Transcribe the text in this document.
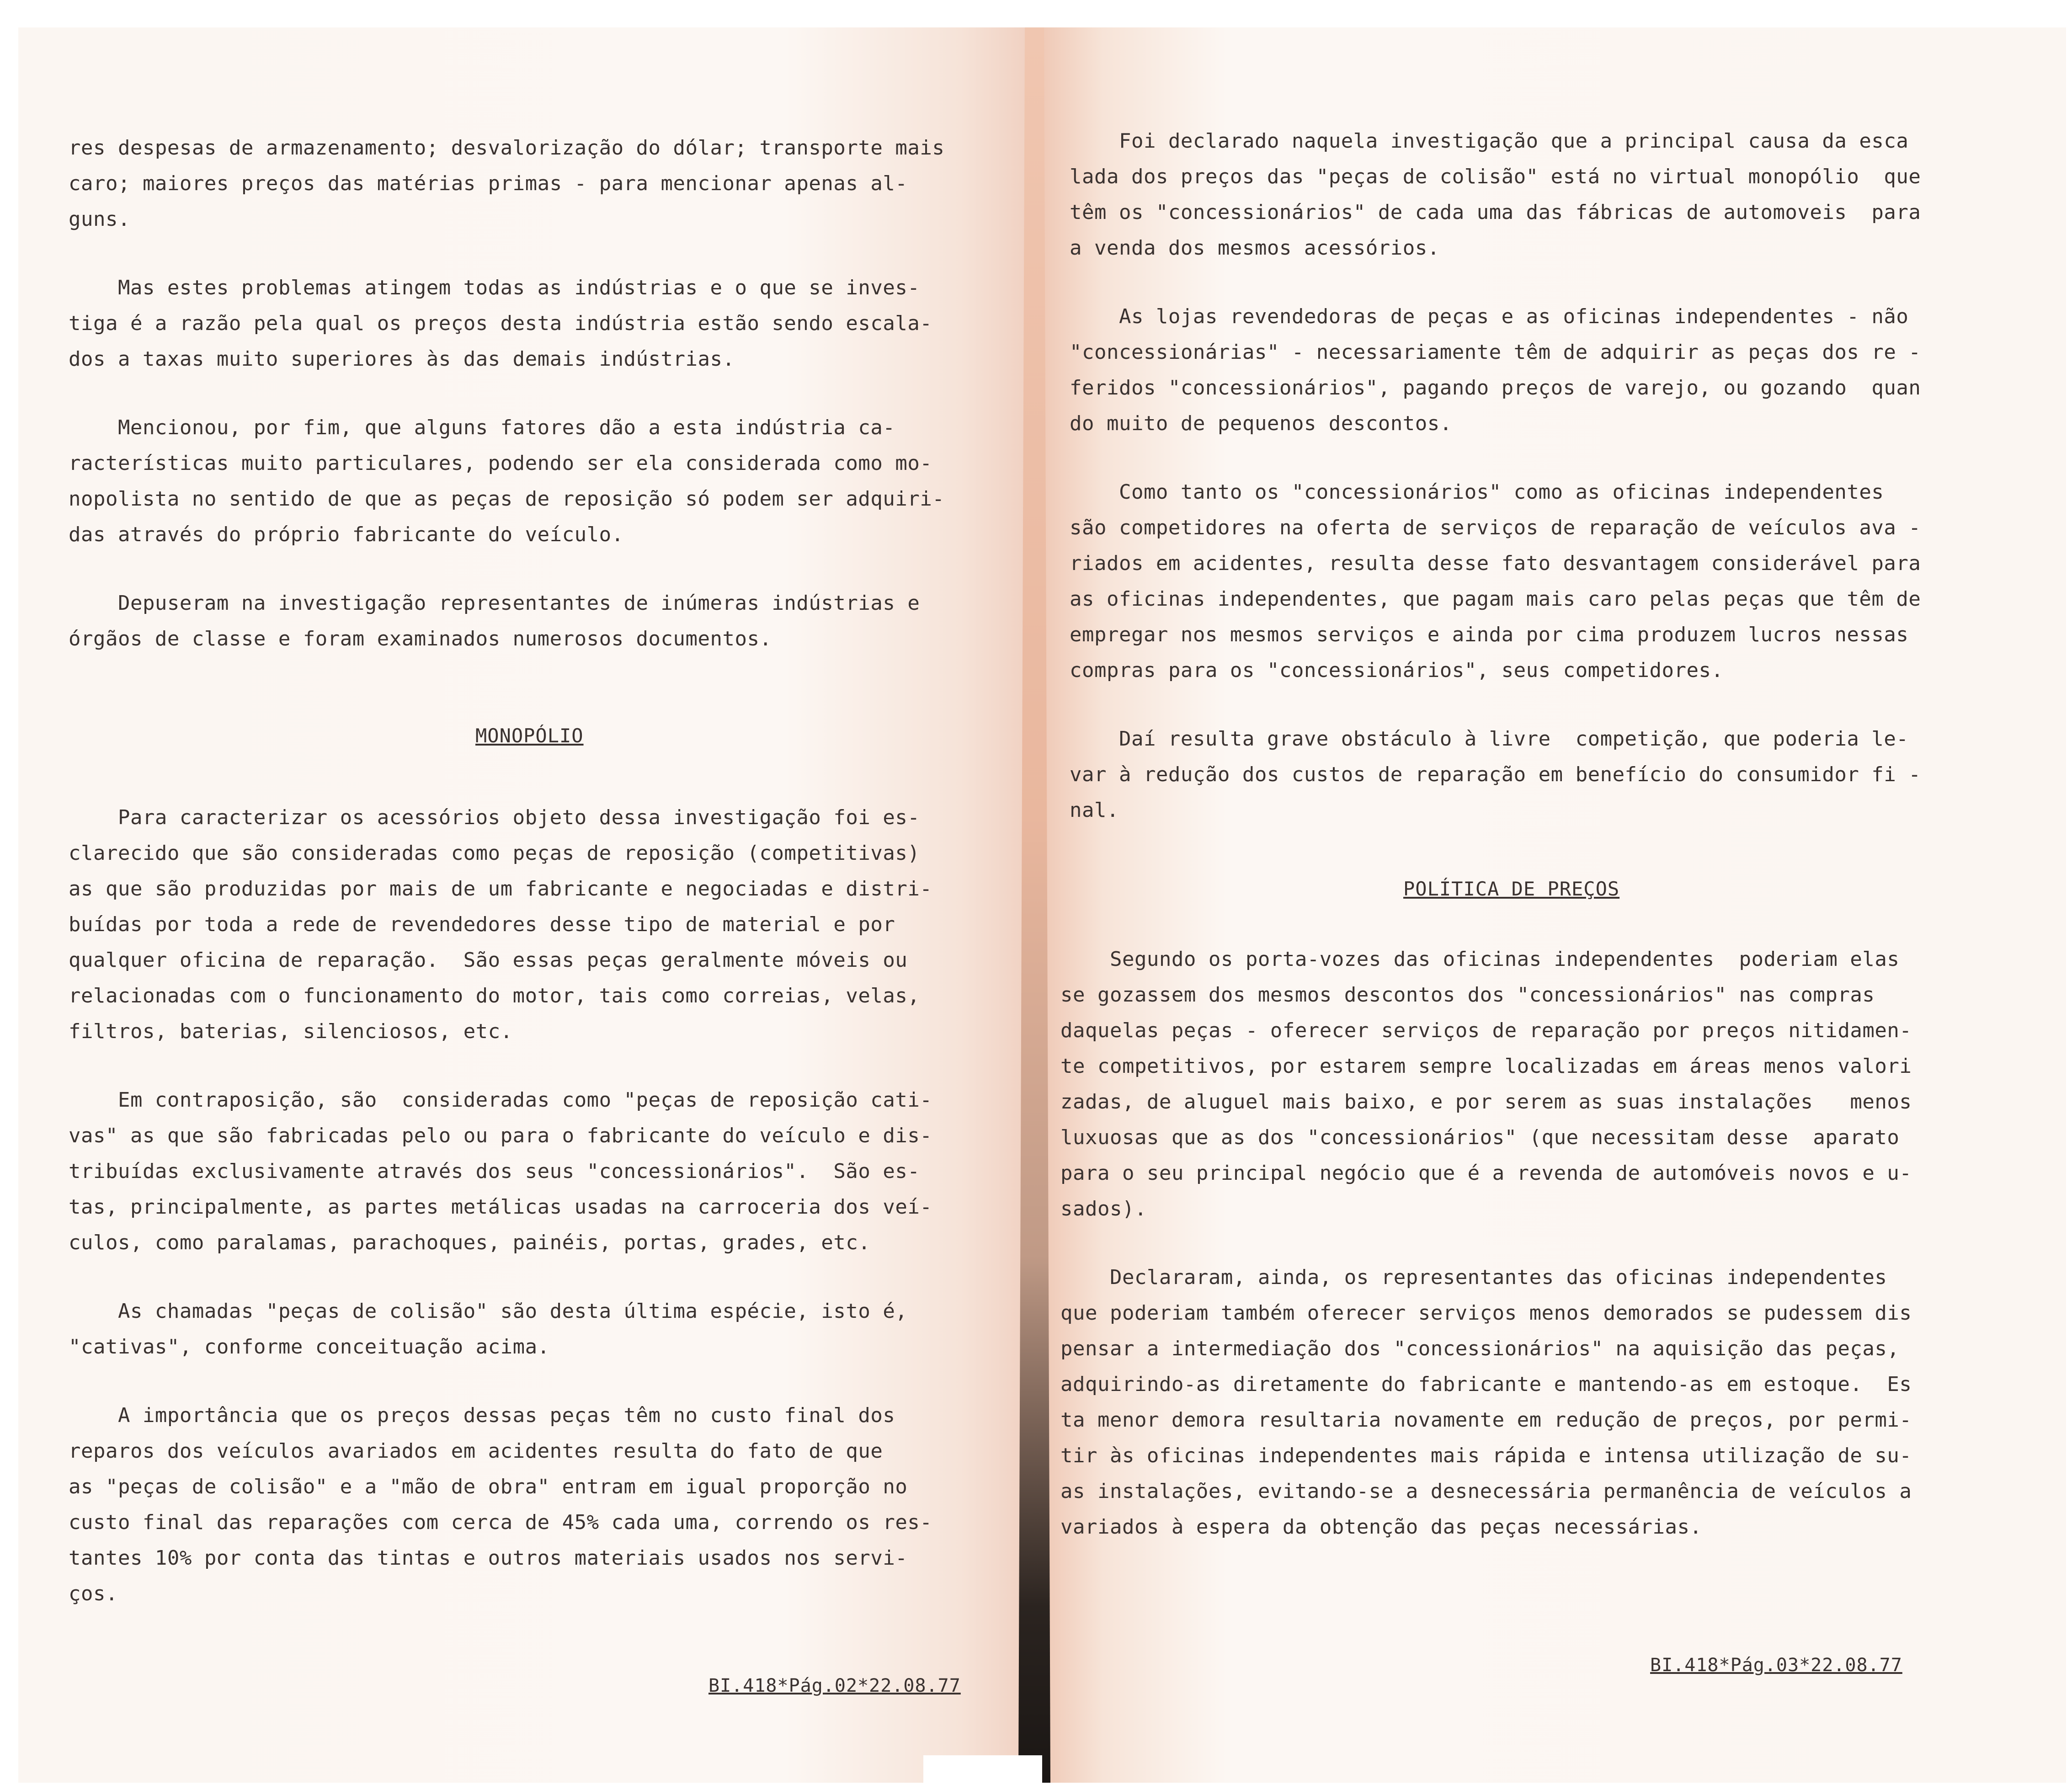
res despesas de armazenamento; desvalorização do dólar; transporte mais
caro; maiores preços das matérias primas - para mencionar apenas al-
guns.
Mas estes problemas atingem todas as indústrias e o que se inves-
tiga é a razão pela qual os preços desta indústria estão sendo escala-
dos a taxas muito superiores às das demais indústrias.
Mencionou, por fim, que alguns fatores dão a esta indústria ca-
racterísticas muito particulares, podendo ser ela considerada como mo-
nopolista no sentido de que as peças de reposição só podem ser adquiri-
das através do próprio fabricante do veículo.
Depuseram na investigação representantes de inúmeras indústrias e
órgãos de classe e foram examinados numerosos documentos.
MONOPÓLIO
Para caracterizar os acessórios objeto dessa investigação foi es-
clarecido que são consideradas como peças de reposição (competitivas)
as que são produzidas por mais de um fabricante e negociadas e distri-
buídas por toda a rede de revendedores desse tipo de material e por
qualquer oficina de reparação.  São essas peças geralmente móveis ou
relacionadas com o funcionamento do motor, tais como correias, velas,
filtros, baterias, silenciosos, etc.
Em contraposição, são  consideradas como "peças de reposição cati-
vas" as que são fabricadas pelo ou para o fabricante do veículo e dis-
tribuídas exclusivamente através dos seus "concessionários".  São es-
tas, principalmente, as partes metálicas usadas na carroceria dos veí-
culos, como paralamas, parachoques, painéis, portas, grades, etc.
As chamadas "peças de colisão" são desta última espécie, isto é,
"cativas", conforme conceituação acima.
A importância que os preços dessas peças têm no custo final dos
reparos dos veículos avariados em acidentes resulta do fato de que
as "peças de colisão" e a "mão de obra" entram em igual proporção no
custo final das reparações com cerca de 45% cada uma, correndo os res-
tantes 10% por conta das tintas e outros materiais usados nos servi-
ços.
BI.418*Pág.02*22.08.77
Foi declarado naquela investigação que a principal causa da esca
lada dos preços das "peças de colisão" está no virtual monopólio  que
têm os "concessionários" de cada uma das fábricas de automoveis  para
a venda dos mesmos acessórios.
As lojas revendedoras de peças e as oficinas independentes - não
"concessionárias" - necessariamente têm de adquirir as peças dos re -
feridos "concessionários", pagando preços de varejo, ou gozando  quan
do muito de pequenos descontos.
Como tanto os "concessionários" como as oficinas independentes
são competidores na oferta de serviços de reparação de veículos ava -
riados em acidentes, resulta desse fato desvantagem considerável para
as oficinas independentes, que pagam mais caro pelas peças que têm de
empregar nos mesmos serviços e ainda por cima produzem lucros nessas
compras para os "concessionários", seus competidores.
Daí resulta grave obstáculo à livre  competição, que poderia le-
var à redução dos custos de reparação em benefício do consumidor fi -
nal.
POLÍTICA DE PREÇOS
Segundo os porta-vozes das oficinas independentes  poderiam elas
se gozassem dos mesmos descontos dos "concessionários" nas compras
daquelas peças - oferecer serviços de reparação por preços nitidamen-
te competitivos, por estarem sempre localizadas em áreas menos valori
zadas, de aluguel mais baixo, e por serem as suas instalações   menos
luxuosas que as dos "concessionários" (que necessitam desse  aparato
para o seu principal negócio que é a revenda de automóveis novos e u-
sados).
Declararam, ainda, os representantes das oficinas independentes
que poderiam também oferecer serviços menos demorados se pudessem dis
pensar a intermediação dos "concessionários" na aquisição das peças,
adquirindo-as diretamente do fabricante e mantendo-as em estoque.  Es
ta menor demora resultaria novamente em redução de preços, por permi-
tir às oficinas independentes mais rápida e intensa utilização de su-
as instalações, evitando-se a desnecessária permanência de veículos a
variados à espera da obtenção das peças necessárias.
BI.418*Pág.03*22.08.77
